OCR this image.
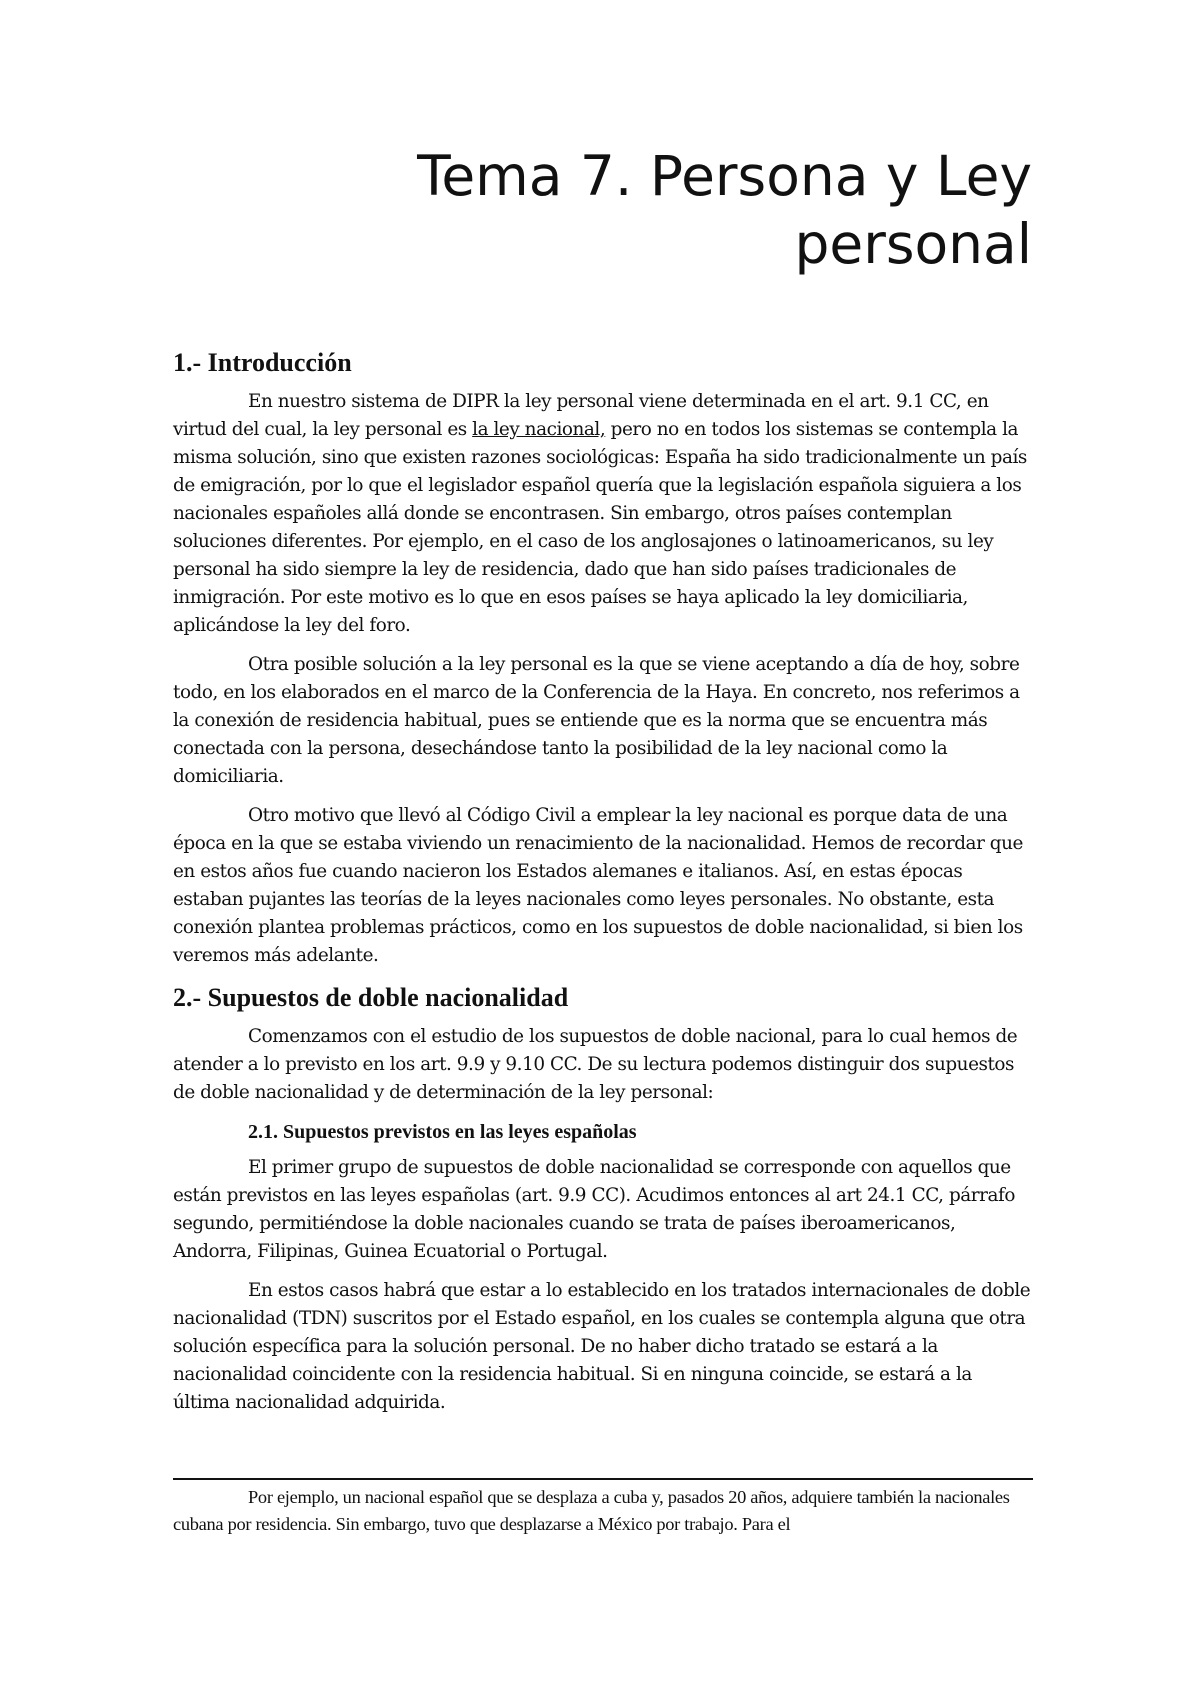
Tema 7. Persona y Ley personal
1.- Introducción

En nuestro sistema de DIPR la ley personal viene determinada en el art. 9.1 CC, en virtud del cual, la ley personal es la ley nacional, pero no en todos los sistemas se contempla la misma solución, sino que existen razones sociológicas: España ha sido tradicionalmente un país de emigración, por lo que el legislador español quería que la legislación española siguiera a los nacionales españoles allá donde se encontrasen. Sin embargo, otros países contemplan soluciones diferentes. Por ejemplo, en el caso de los anglosajones o latinoamericanos, su ley personal ha sido siempre la ley de residencia, dado que han sido países tradicionales de inmigración. Por este motivo es lo que en esos países se haya aplicado la ley domiciliaria, aplicándose la ley del foro.

Otra posible solución a la ley personal es la que se viene aceptando a día de hoy, sobre todo, en los elaborados en el marco de la Conferencia de la Haya. En concreto, nos referimos a la conexión de residencia habitual, pues se entiende que es la norma que se encuentra más conectada con la persona, desechándose tanto la posibilidad de la ley nacional como la domiciliaria.

Otro motivo que llevó al Código Civil a emplear la ley nacional es porque data de una época en la que se estaba viviendo un renacimiento de la nacionalidad. Hemos de recordar que en estos años fue cuando nacieron los Estados alemanes e italianos. Así, en estas épocas estaban pujantes las teorías de la leyes nacionales como leyes personales. No obstante, esta conexión plantea problemas prácticos, como en los supuestos de doble nacionalidad, si bien los veremos más adelante.

2.- Supuestos de doble nacionalidad

Comenzamos con el estudio de los supuestos de doble nacional, para lo cual hemos de atender a lo previsto en los art. 9.9 y 9.10 CC. De su lectura podemos distinguir dos supuestos de doble nacionalidad y de determinación de la ley personal:

2.1. Supuestos previstos en las leyes españolas

El primer grupo de supuestos de doble nacionalidad se corresponde con aquellos que están previstos en las leyes españolas (art. 9.9 CC). Acudimos entonces al art 24.1 CC, párrafo segundo, permitiéndose la doble nacionales cuando se trata de países iberoamericanos, Andorra, Filipinas, Guinea Ecuatorial o Portugal.

En estos casos habrá que estar a lo establecido en los tratados internacionales de doble nacionalidad (TDN) suscritos por el Estado español, en los cuales se contempla alguna que otra solución específica para la solución personal. De no haber dicho tratado se estará a la nacionalidad coincidente con la residencia habitual. Si en ninguna coincide, se estará a la última nacionalidad adquirida.

Por ejemplo, un nacional español que se desplaza a cuba y, pasados 20 años, adquiere también la nacionales cubana por residencia. Sin embargo, tuvo que desplazarse a México por trabajo. Para el
